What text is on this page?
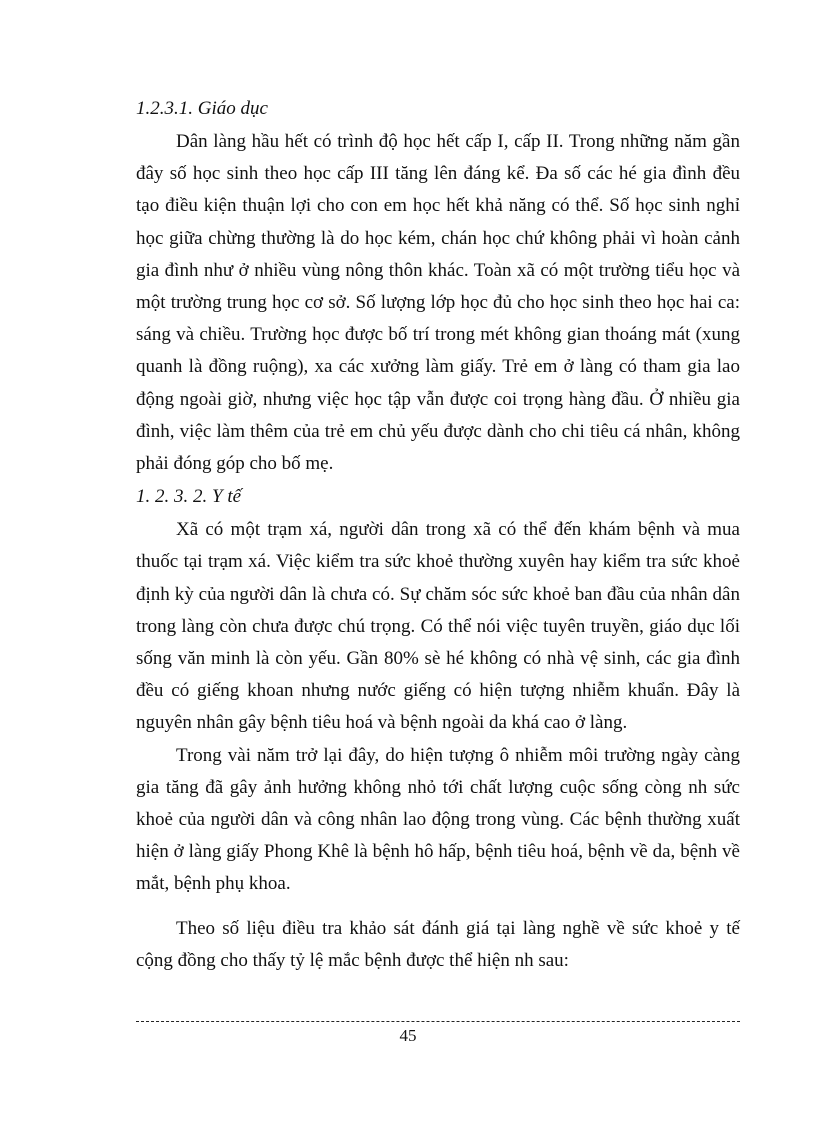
1.2.3.1. Giáo dục

Dân làng hầu hết có trình độ học hết cấp I, cấp II. Trong những năm gần đây số học sinh theo học cấp III tăng lên đáng kể. Đa số các hé gia đình đều tạo điều kiện thuận lợi cho con em học hết khả năng có thể. Số học sinh nghỉ học giữa chừng thường là do học kém, chán học chứ không phải vì hoàn cảnh gia đình như ở nhiều vùng nông thôn khác. Toàn xã có một trường tiểu học và một trường trung học cơ sở. Số lượng lớp học đủ cho học sinh theo học hai ca: sáng và chiều. Trường học được bố trí trong mét không gian thoáng mát (xung quanh là đồng ruộng), xa các xưởng làm giấy. Trẻ em ở làng có tham gia lao động ngoài giờ, nhưng việc học tập vẫn được coi trọng hàng đầu. Ở nhiều gia đình, việc làm thêm của trẻ em chủ yếu được dành cho chi tiêu cá nhân, không phải đóng góp cho bố mẹ.

1. 2. 3. 2. Y tế

Xã có một trạm xá, người dân trong xã có thể đến khám bệnh và mua thuốc tại trạm xá. Việc kiểm tra sức khoẻ thường xuyên hay kiểm tra sức khoẻ định kỳ của người dân là chưa có. Sự chăm sóc sức khoẻ ban đầu của nhân dân trong làng còn chưa được chú trọng. Có thể nói việc tuyên truyền, giáo dục lối sống văn minh là còn yếu. Gần 80% sè hé không có nhà vệ sinh, các gia đình đều có giếng khoan nhưng nước giếng có hiện tượng nhiễm khuẩn. Đây là nguyên nhân gây bệnh tiêu hoá và bệnh ngoài da khá cao ở làng.

Trong vài năm trở lại đây, do hiện tượng ô nhiễm môi trường ngày càng gia tăng đã gây ảnh hưởng không nhỏ tới chất lượng cuộc sống còng nh sức khoẻ của người dân và công nhân lao động trong vùng. Các bệnh thường xuất hiện ở làng giấy Phong Khê là bệnh hô hấp, bệnh tiêu hoá, bệnh về da, bệnh về mắt, bệnh phụ khoa.

Theo số liệu điều tra khảo sát đánh giá tại làng nghề về sức khoẻ y tế cộng đồng cho thấy tỷ lệ mắc bệnh được thể hiện nh sau:

45
